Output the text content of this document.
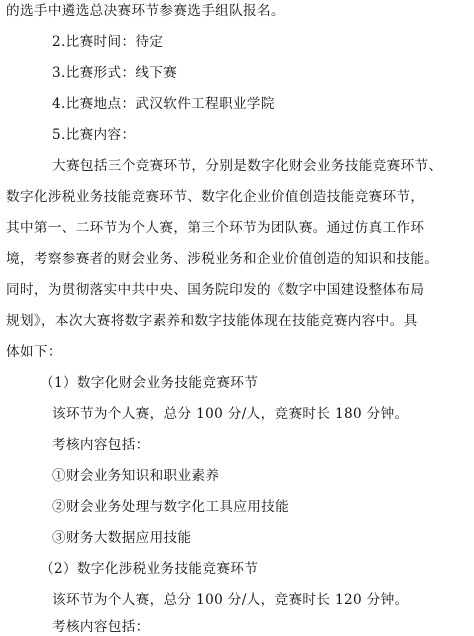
的选手中遴选总决赛环节参赛选手组队报名。
2.比赛时间：待定
3.比赛形式：线下赛
4.比赛地点：武汉软件工程职业学院
5.比赛内容：
大赛包括三个竞赛环节，分别是数字化财会业务技能竞赛环节、
数字化涉税业务技能竞赛环节、数字化企业价值创造技能竞赛环节，
其中第一、二环节为个人赛，第三个环节为团队赛。通过仿真工作环
境，考察参赛者的财会业务、涉税业务和企业价值创造的知识和技能。
同时，为贯彻落实中共中央、国务院印发的《数字中国建设整体布局
规划》，本次大赛将数字素养和数字技能体现在技能竞赛内容中。具
体如下：
（1）数字化财会业务技能竞赛环节
该环节为个人赛，总分 100 分/人，竞赛时长 180 分钟。
考核内容包括：
①财会业务知识和职业素养
②财会业务处理与数字化工具应用技能
③财务大数据应用技能
（2）数字化涉税业务技能竞赛环节
该环节为个人赛，总分 100 分/人，竞赛时长 120 分钟。
考核内容包括：
